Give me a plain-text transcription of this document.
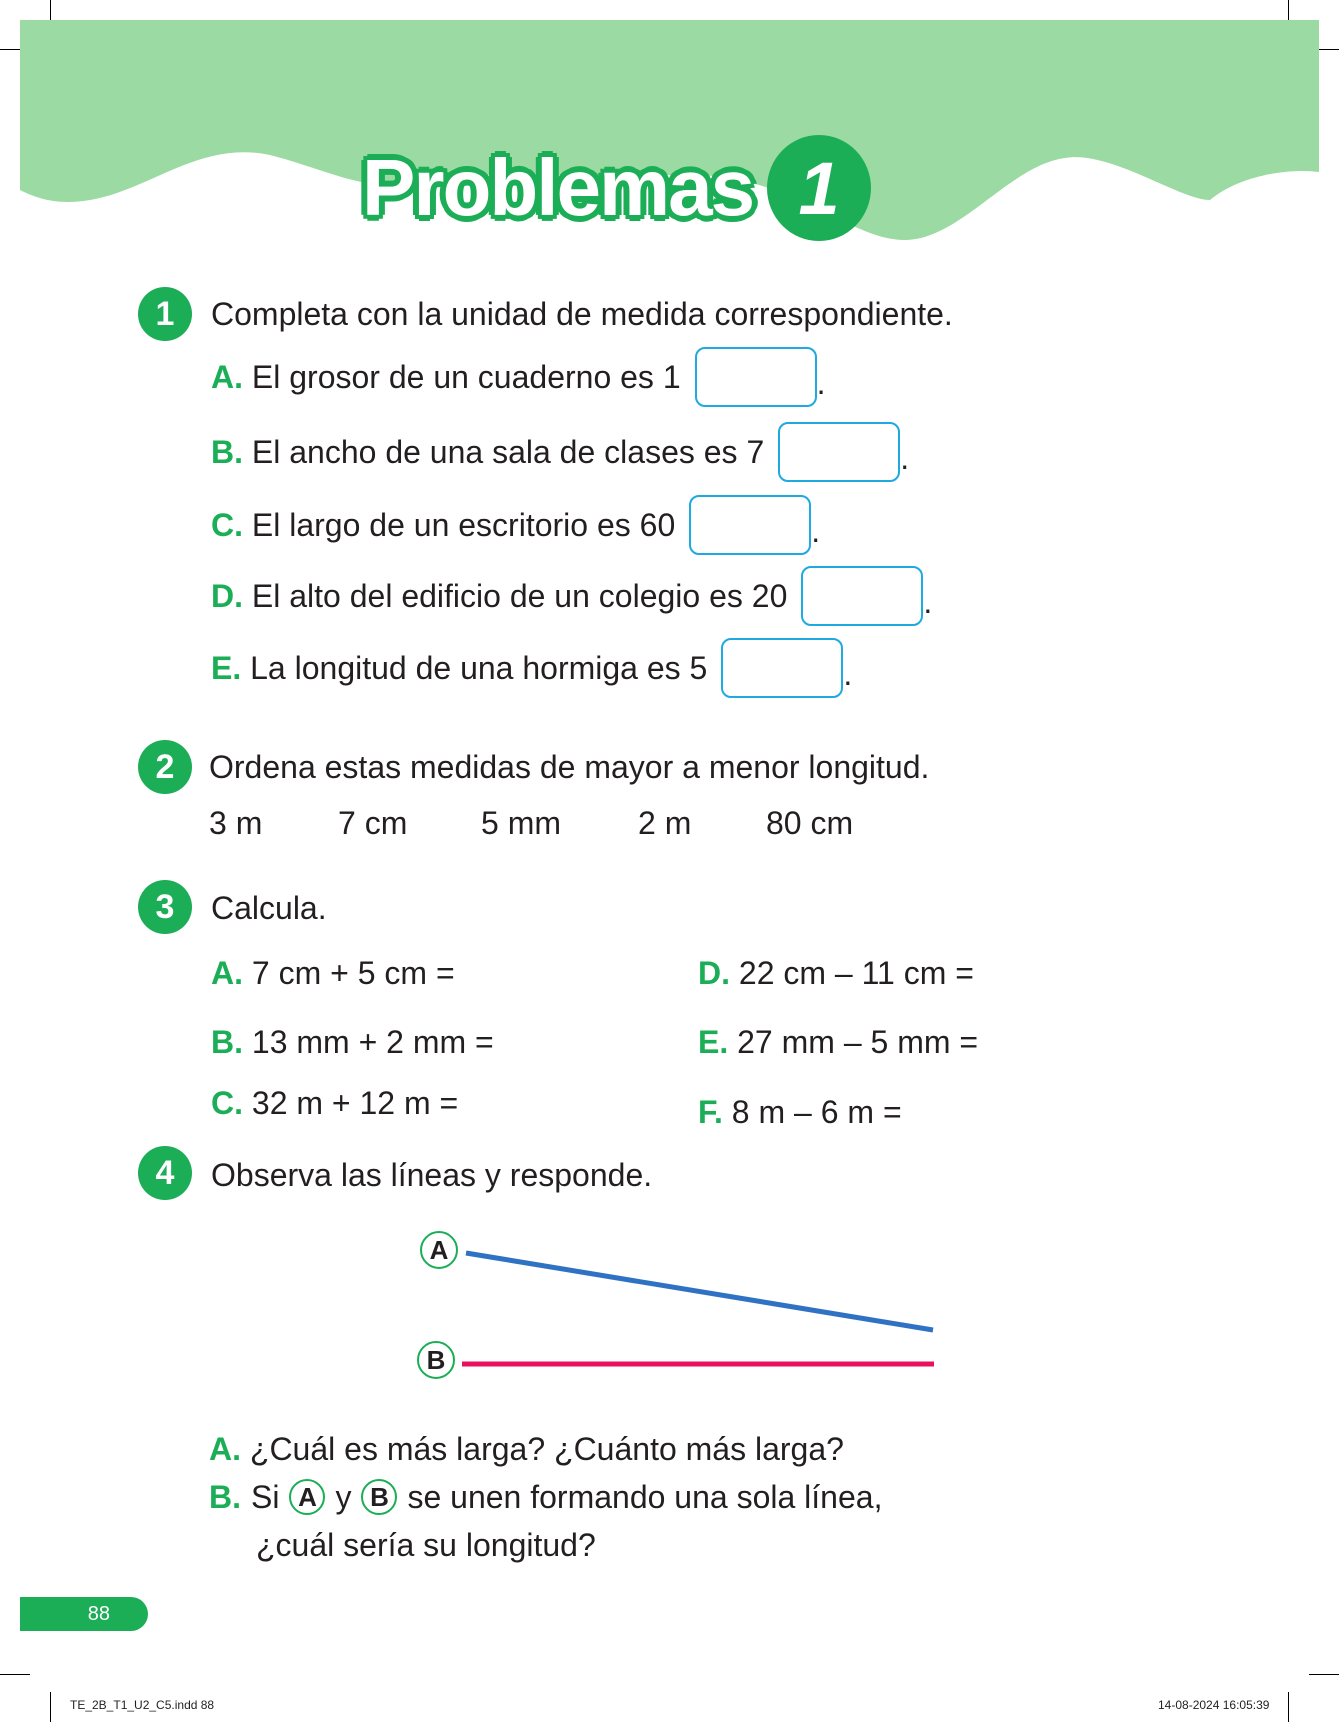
Problemas 1
1	Completa con la unidad de medida correspondiente.
A.
El grosor de un cuaderno es 1	.
B.
El ancho de una sala de clases es 7	.
C.
El largo de un escritorio es 60	.
D.
El alto del edificio de un colegio es 20	.
E.
La longitud de una hormiga es 5	.
2	Ordena estas medidas de mayor a menor longitud.
3 m 7 cm 5 mm 2 m 80 cm
3	Calcula.
A. 7 cm + 5 cm =
B. 13 mm + 2 mm =
C. 32 m + 12 m =
D. 22 cm – 11 cm =
E. 27 mm – 5 mm =
F. 8 m – 6 m =
4	Observa las líneas y responde.
A
B
A. ¿Cuál es más larga? ¿Cuánto más larga?
B. Si A y B se unen formando una sola línea,
¿cuál sería su longitud?
88
TE_2B_T1_U2_C5.indd 88	14-08-2024 16:05:39
